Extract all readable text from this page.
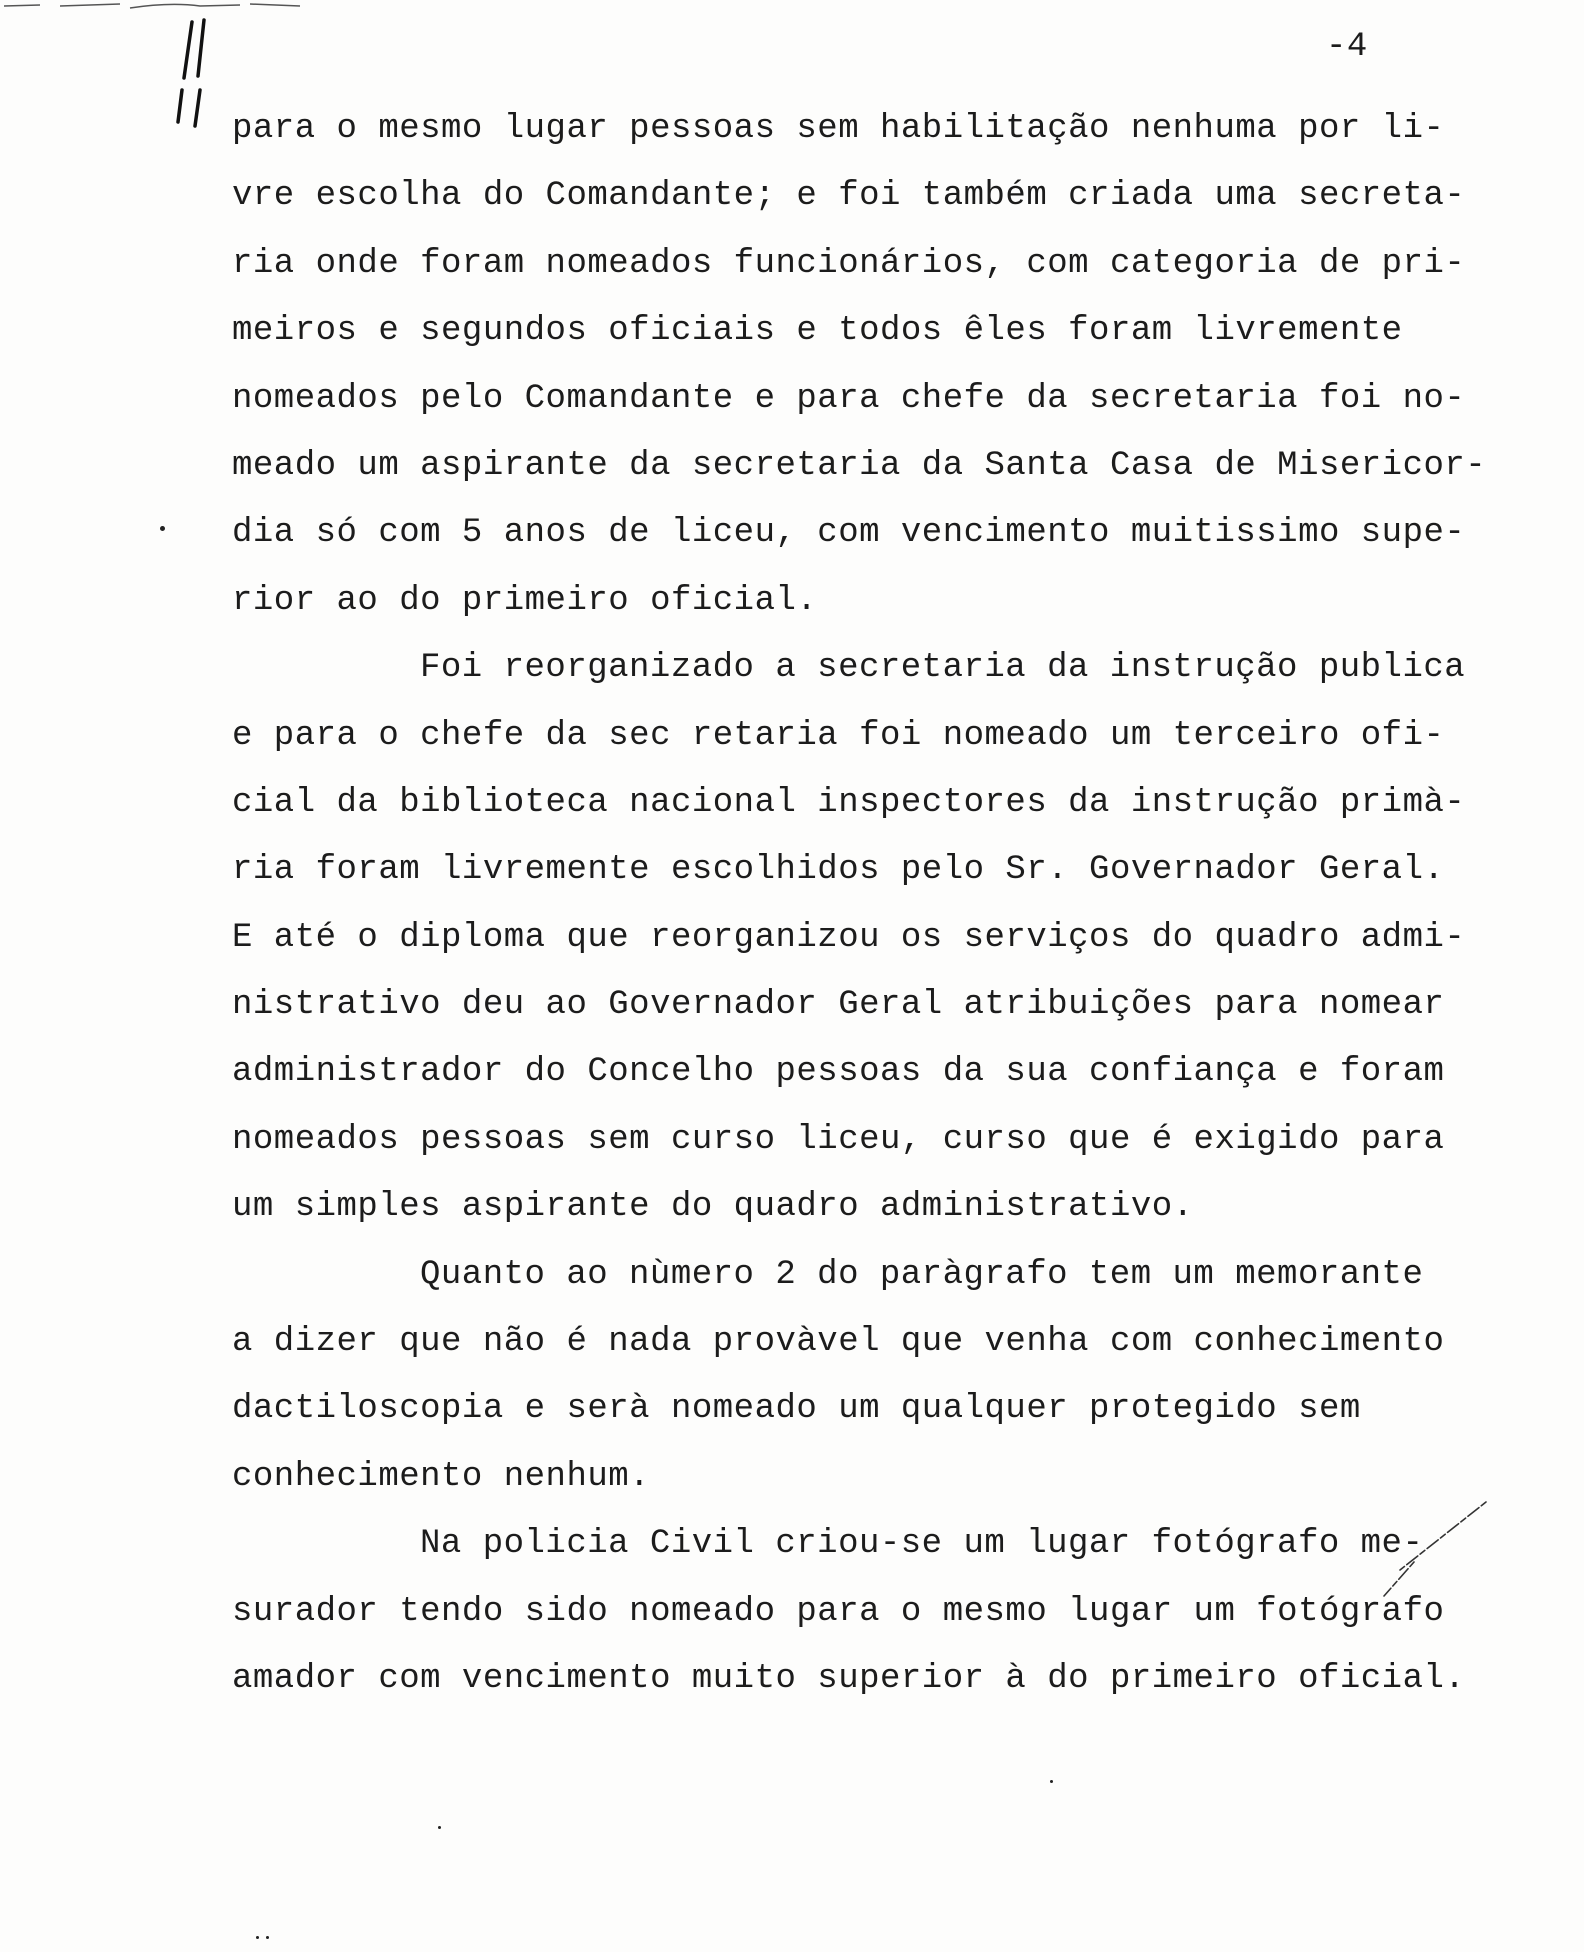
-4
para o mesmo lugar pessoas sem habilitação nenhuma por li-
vre escolha do Comandante; e foi também criada uma secreta-
ria onde foram nomeados funcionários, com categoria de pri-
meiros e segundos oficiais e todos êles foram livremente
nomeados pelo Comandante e para chefe da secretaria foi no-
meado um aspirante da secretaria da Santa Casa de Misericor-
dia só com 5 anos de liceu, com vencimento muitissimo supe-
rior ao do primeiro oficial.
Foi reorganizado a secretaria da instrução publica
e para o chefe da sec retaria foi nomeado um terceiro ofi-
cial da biblioteca nacional inspectores da instrução primà-
ria foram livremente escolhidos pelo Sr. Governador Geral.
E até o diploma que reorganizou os serviços do quadro admi-
nistrativo deu ao Governador Geral atribuições para nomear
administrador do Concelho pessoas da sua confiança e foram
nomeados pessoas sem curso liceu, curso que é exigido para
um simples aspirante do quadro administrativo.
Quanto ao nùmero 2 do paràgrafo tem um memorante
a dizer que não é nada provàvel que venha com conhecimento
dactiloscopia e serà nomeado um qualquer protegido sem
conhecimento nenhum.
Na policia Civil criou-se um lugar fotógrafo me-
surador tendo sido nomeado para o mesmo lugar um fotógrafo
amador com vencimento muito superior à do primeiro oficial.
